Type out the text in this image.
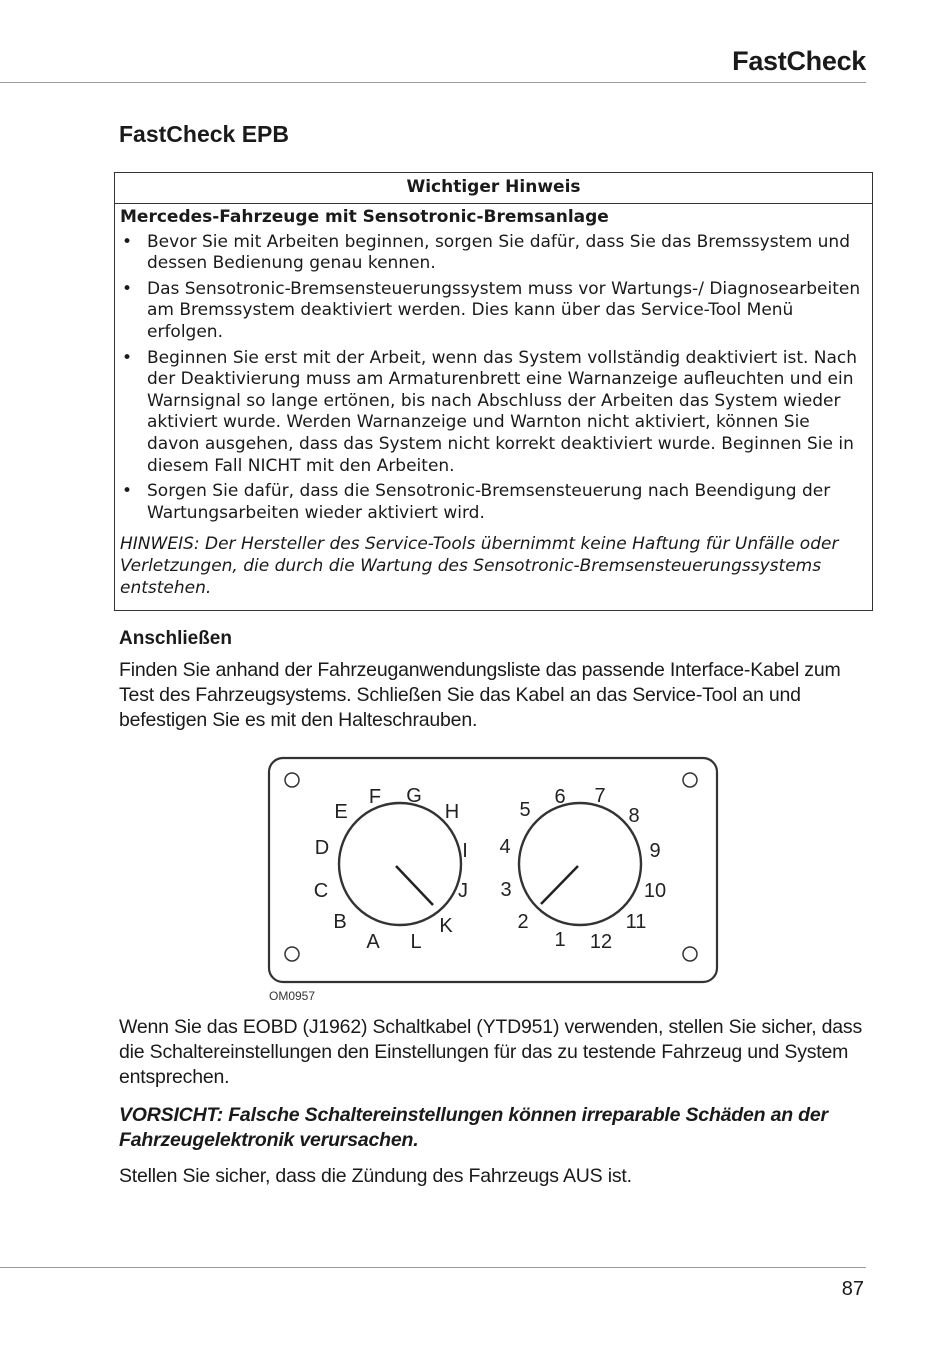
FastCheck
FastCheck EPB
Wichtiger Hinweis
Mercedes-Fahrzeuge mit Sensotronic-Bremsanlage
• Bevor Sie mit Arbeiten beginnen, sorgen Sie dafür, dass Sie das Bremssystem und dessen Bedienung genau kennen.
• Das Sensotronic-Bremsensteuerungssystem muss vor Wartungs-/ Diagnosearbeiten am Bremssystem deaktiviert werden. Dies kann über das Service-Tool Menü erfolgen.
• Beginnen Sie erst mit der Arbeit, wenn das System vollständig deaktiviert ist. Nach der Deaktivierung muss am Armaturenbrett eine Warnanzeige aufleuchten und ein Warnsignal so lange ertönen, bis nach Abschluss der Arbeiten das System wieder aktiviert wurde. Werden Warnanzeige und Warnton nicht aktiviert, können Sie davon ausgehen, dass das System nicht korrekt deaktiviert wurde. Beginnen Sie in diesem Fall NICHT mit den Arbeiten.
• Sorgen Sie dafür, dass die Sensotronic-Bremsensteuerung nach Beendigung der Wartungsarbeiten wieder aktiviert wird.
HINWEIS: Der Hersteller des Service-Tools übernimmt keine Haftung für Unfälle oder Verletzungen, die durch die Wartung des Sensotronic-Bremsensteuerungssystems entstehen.
Anschließen
Finden Sie anhand der Fahrzeuganwendungsliste das passende Interface-Kabel zum Test des Fahrzeugsystems. Schließen Sie das Kabel an das Service-Tool an und befestigen Sie es mit den Halteschrauben.
A
B
C
D
E
F G
H
I
J
K
L	1
2
3
4
5
6 7
8
9
10
11
12
OM0957
Wenn Sie das EOBD (J1962) Schaltkabel (YTD951) verwenden, stellen Sie sicher, dass die Schaltereinstellungen den Einstellungen für das zu testende Fahrzeug und System entsprechen.
VORSICHT: Falsche Schaltereinstellungen können irreparable Schäden an der Fahrzeugelektronik verursachen.
Stellen Sie sicher, dass die Zündung des Fahrzeugs AUS ist.
87
